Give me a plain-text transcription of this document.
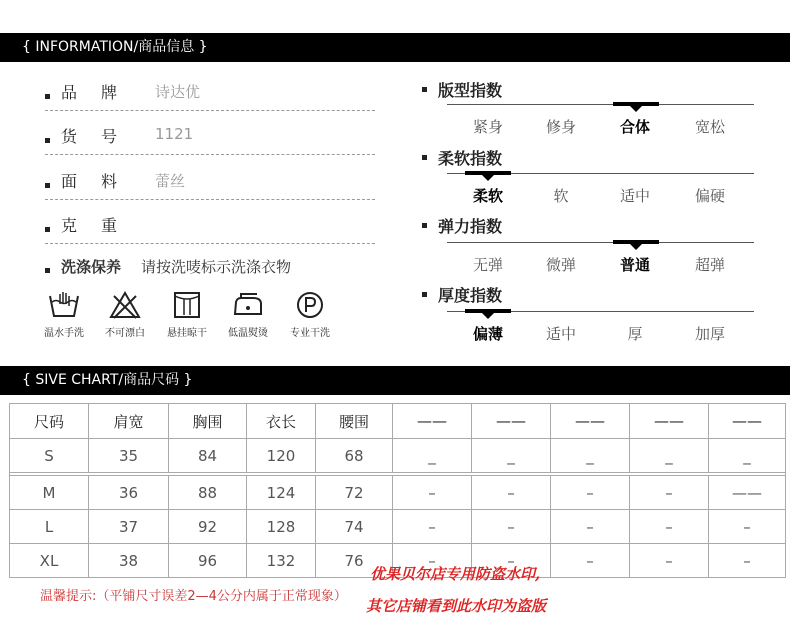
{ INFORMATION/商品信息 }
品牌 诗达优
货号 1121
面料 蕾丝
克重
洗涤保养 请按洗唛标示洗涤衣物
温水手洗	不可漂白	悬挂晾干	低温熨烫	专业干洗
版型指数
紧身	修身	合体	宽松
柔软指数
柔软	软	适中	偏硬
弹力指数
无弹	微弹	普通	超弹
厚度指数
偏薄	适中	厚	加厚
{ SIVE CHART/商品尺码 }
尺码	肩宽	胸围	衣长	腰围	——	——	——	——	——
S	35	84	120	68	_	_	_	_	_

M	36	88	124	72	–	–	–	–	——
L	37	92	128	74	–	–	–	–	–
XL	38	96	132	76	–	–	–	–	–
温馨提示:（平铺尺寸误差2—4公分内属于正常现象）
优果贝尔店专用防盗水印,
其它店铺看到此水印为盗版
